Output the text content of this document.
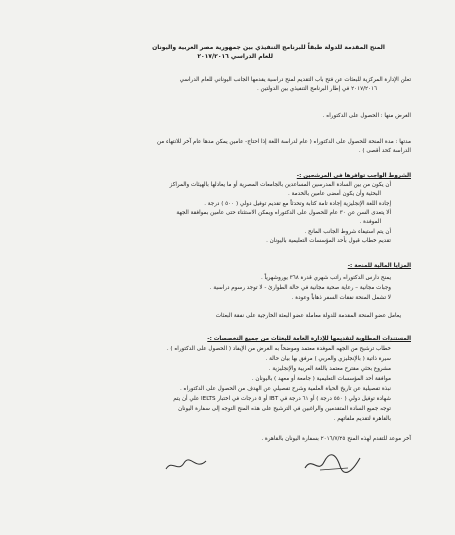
المنح المقدمة للدولة طبقاً للبرنامج التنفيذي بين جمهورية مصر العربية واليونان
للعام الدراسي ٢٠١٧/٢٠١٦
تعلن الإدارة المركزية للبعثات عن فتح باب التقديم لمنح دراسية يقدمها الجانب اليوناني للعام الدراسي
٢٠١٧/٢٠١٦ في إطار البرنامج التنفيذي بين الدولتين .
الغرض منها : الحصول على الدكتوراه .
مدتها : مدة المنحة للحصول على الدكتوراه ( عام لدراسة اللغة إذا احتاج- عامين يمكن مدها عام آخر للانتهاء من
الدراسة كحد أقصى ) .
الشروط الواجب توافرها في المرشحين :-
أن يكون من بين السادة المدرسين المساعدين بالجامعات المصرية أو ما يعادلها بالهيئات والمراكز
البحثية وأن يكون أمضى عامين بالخدمة .
إجادة اللغة الإنجليزية إجادة تامة كتابة وتحدثاً مع تقديم توفيل دولي ( ٥٠٠ ) درجة .
ألا يتعدى السن عن ٣٠ عام للحصول على الدكتوراه ويمكن الاستثناء حتى عامين بموافقة الجهة
الموفدة .
أن يتم استيفاء شروط الجانب المانح .
تقديم خطاب قبول بأحد المؤسسات التعليمية باليونان .
المزايا المالية للمنحة :-
يمنح دارس الدكتوراه راتب شهري قدرة ٣٦٨ يوروشهرياً .
وجبات مجانية – رعاية صحية مجانية في حالة الطوارئ - لا توجد رسوم دراسية .
لا تشمل المنحة نفقات السفر ذهاباً وعودة .
يعامل عضو المنحة المقدمة للدولة معاملة عضو البعثة الخارجية على نفقة البعثات
المستندات المطلوبة لتقديمها للإدارة العامة للبعثات من جميع التخصصات :-
خطاب ترشيح من الجهه الموفدة معتمد وموضحاً به الغرض من الإيفاد ( الحصول على الدكتوراه ) .
سيرة ذاتية ( بالإنجليزي والعربي ) مرفق بها بيان حالة .
مشروع بحثي مقترح معتمد باللغة العربية والإنجليزية .
موافقة أحد المؤسسات التعليمية ( جامعة أو معهد ) باليونان .
نبذة تفصيلية عن تاريخ الحياة العلمية وشرح تفصيلي عن الهدف من الحصول على الدكتوراه .
شهادة توفيل دولي ( ٥٥٠ درجة ) أو ٦١ درجة في IBT أو ٥ درجات في اختبار IELTS علي أن يتم
توجه جميع السادة المتقدمين والراغبين في الترشيح على هذه المنح التوجه إلى سفارة اليونان
بالقاهرة لتقديم ملفاتهم .
آخر موعد للتقدم لهذه المنح ٢٠١٦/٧/٢٥ بسفارة اليونان بالقاهرة .
